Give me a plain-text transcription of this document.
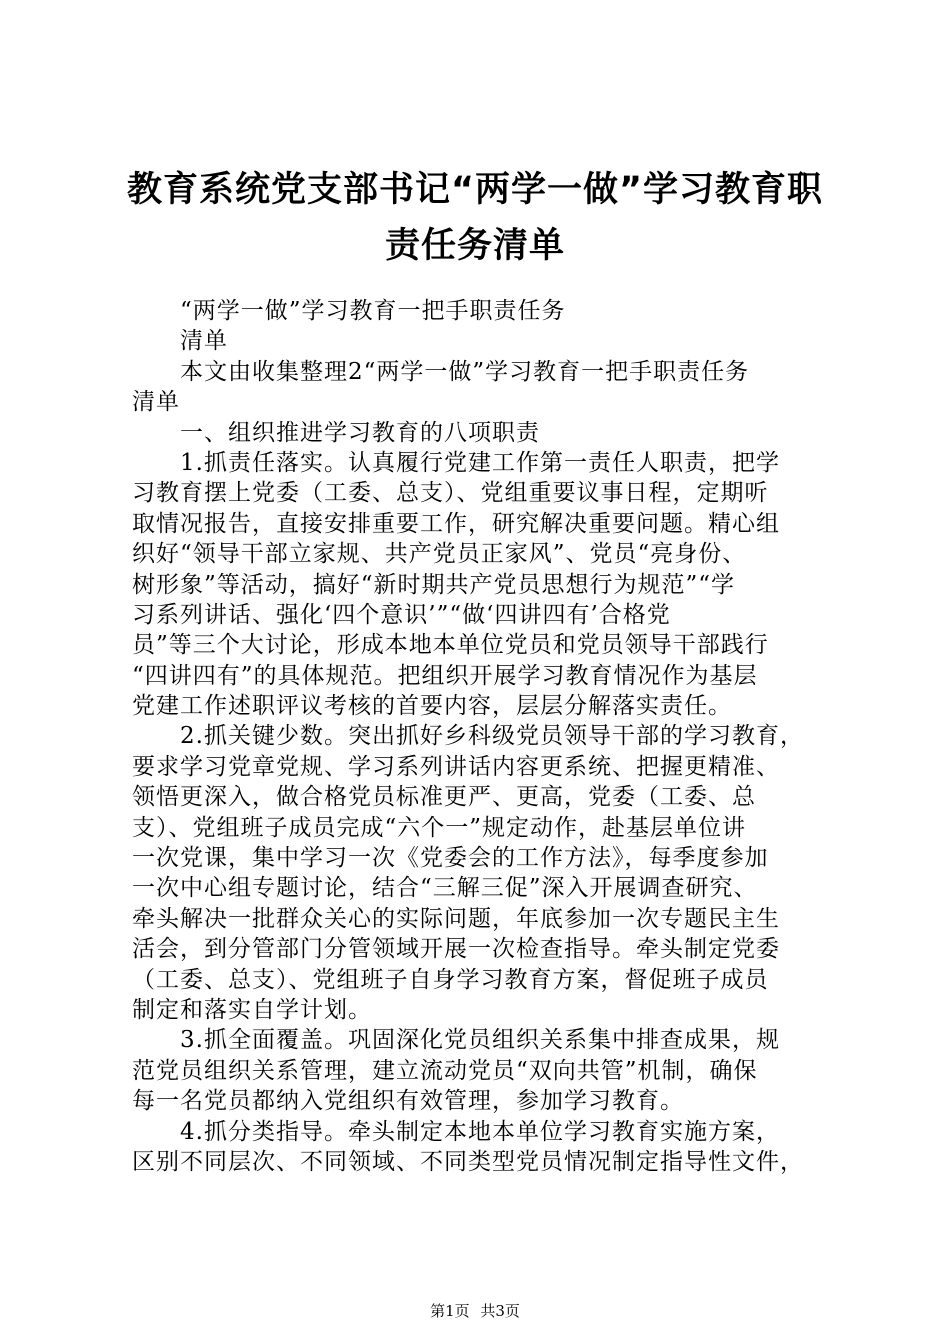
教育系统党支部书记“两学一做”学习教育职
责任务清单
“两学一做”学习教育一把手职责任务
清单
本文由收集整理2“两学一做”学习教育一把手职责任务
清单
一、组织推进学习教育的八项职责
1.抓责任落实。认真履行党建工作第一责任人职责，把学
习教育摆上党委（工委、总支）、党组重要议事日程，定期听
取情况报告，直接安排重要工作，研究解决重要问题。精心组
织好“领导干部立家规、共产党员正家风”、党员“亮身份、
树形象”等活动，搞好“新时期共产党员思想行为规范”“学
习系列讲话、强化‘四个意识’”“做‘四讲四有’合格党
员”等三个大讨论，形成本地本单位党员和党员领导干部践行
“四讲四有”的具体规范。把组织开展学习教育情况作为基层
党建工作述职评议考核的首要内容，层层分解落实责任。
2.抓关键少数。突出抓好乡科级党员领导干部的学习教育，
要求学习党章党规、学习系列讲话内容更系统、把握更精准、
领悟更深入，做合格党员标准更严、更高，党委（工委、总
支）、党组班子成员完成“六个一”规定动作，赴基层单位讲
一次党课，集中学习一次《党委会的工作方法》，每季度参加
一次中心组专题讨论，结合“三解三促”深入开展调查研究、
牵头解决一批群众关心的实际问题，年底参加一次专题民主生
活会，到分管部门分管领域开展一次检查指导。牵头制定党委
（工委、总支）、党组班子自身学习教育方案，督促班子成员
制定和落实自学计划。
3.抓全面覆盖。巩固深化党员组织关系集中排查成果，规
范党员组织关系管理，建立流动党员“双向共管”机制，确保
每一名党员都纳入党组织有效管理，参加学习教育。
4.抓分类指导。牵头制定本地本单位学习教育实施方案，
区别不同层次、不同领域、不同类型党员情况制定指导性文件，
第1页 共3页
